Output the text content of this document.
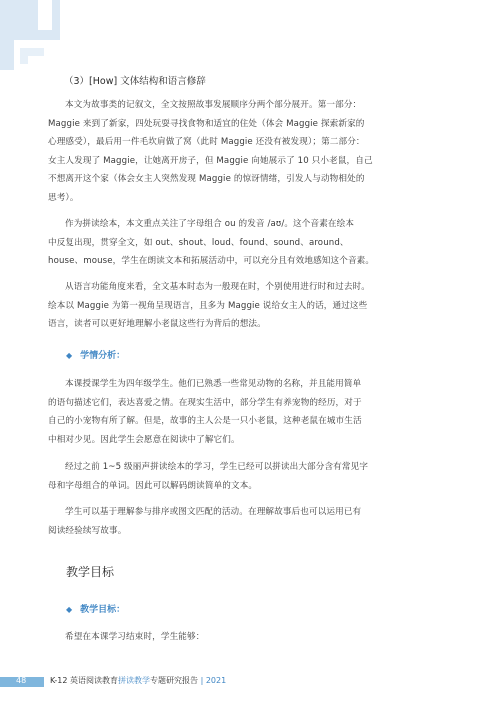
（3）[How] 文体结构和语言修辞
本文为故事类的记叙文，全文按照故事发展顺序分两个部分展开。第一部分：
Maggie 来到了新家，四处玩耍寻找食物和适宜的住处（体会 Maggie 探索新家的
心理感受），最后用一件毛坎肩做了窝（此时 Maggie 还没有被发现）；第二部分：
女主人发现了 Maggie，让她离开房子，但 Maggie 向她展示了 10 只小老鼠，自己
不想离开这个家（体会女主人突然发现 Maggie 的惊讶情绪，引发人与动物相处的
思考）。
作为拼读绘本，本文重点关注了字母组合 ou 的发音 /aʊ/。这个音素在绘本
中反复出现，贯穿全文，如 out、shout、loud、found、sound、around、
house、mouse，学生在朗读文本和拓展活动中，可以充分且有效地感知这个音素。
从语言功能角度来看，全文基本时态为一般现在时，个别使用进行时和过去时。
绘本以 Maggie 为第一视角呈现语言，且多为 Maggie 说给女主人的话，通过这些
语言，读者可以更好地理解小老鼠这些行为背后的想法。
◆ 学情分析：
本课授课学生为四年级学生。他们已熟悉一些常见动物的名称，并且能用简单
的语句描述它们，表达喜爱之情。在现实生活中，部分学生有养宠物的经历，对于
自己的小宠物有所了解。但是，故事的主人公是一只小老鼠，这种老鼠在城市生活
中相对少见。因此学生会愿意在阅读中了解它们。
经过之前 1~5 级丽声拼读绘本的学习，学生已经可以拼读出大部分含有常见字
母和字母组合的单词。因此可以解码朗读简单的文本。
学生可以基于理解参与排序或图文匹配的活动。在理解故事后也可以运用已有
阅读经验续写故事。
教学目标
◆ 教学目标：
希望在本课学习结束时，学生能够：
48	K-12 英语阅读教育拼读教学专题研究报告 | 2021
